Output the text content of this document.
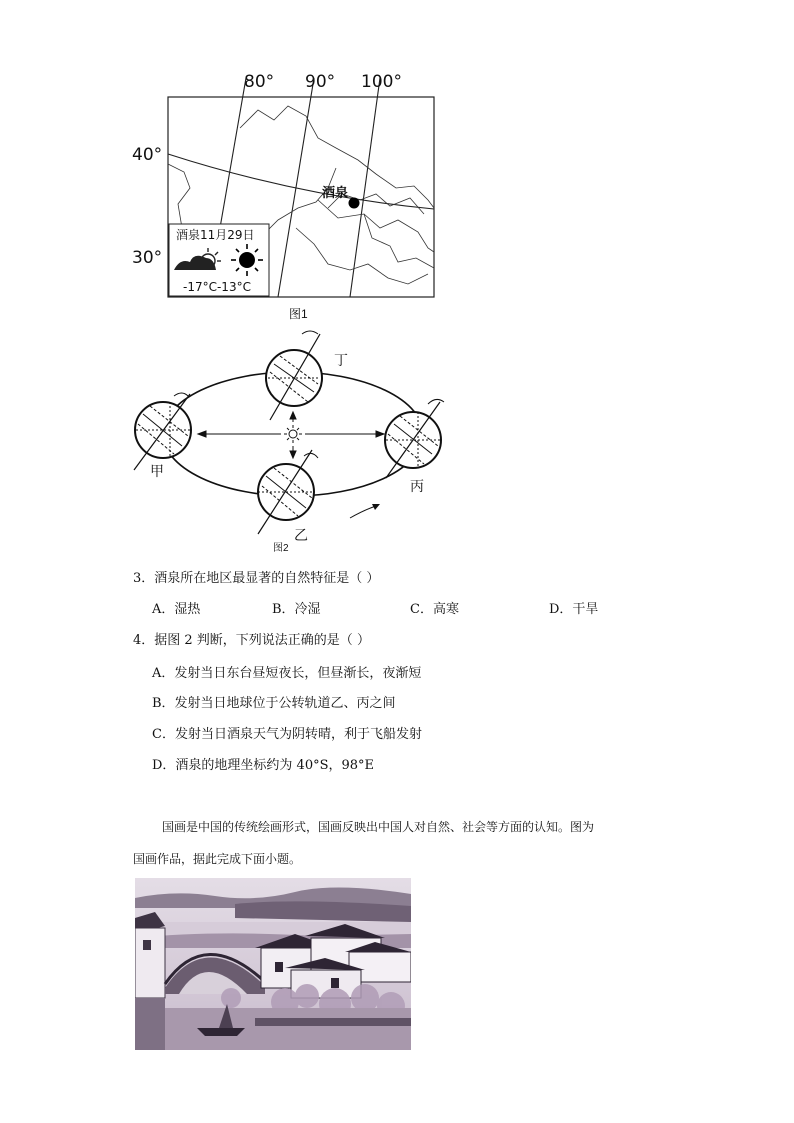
80° 90° 100°
40°
30°
酒泉
酒泉11月29日
-17°C-13°C
图1
丁
甲
丙
乙
图2
3．酒泉所在地区最显著的自然特征是（ ）
A．湿热	B．冷湿	C．高寒	D．干旱
4．据图 2 判断，下列说法正确的是（ ）
A．发射当日东台昼短夜长，但昼渐长，夜渐短
B．发射当日地球位于公转轨道乙、丙之间
C．发射当日酒泉天气为阴转晴，利于飞船发射
D．酒泉的地理坐标约为 40°S，98°E
国画是中国的传统绘画形式，国画反映出中国人对自然、社会等方面的认知。图为
国画作品，据此完成下面小题。
